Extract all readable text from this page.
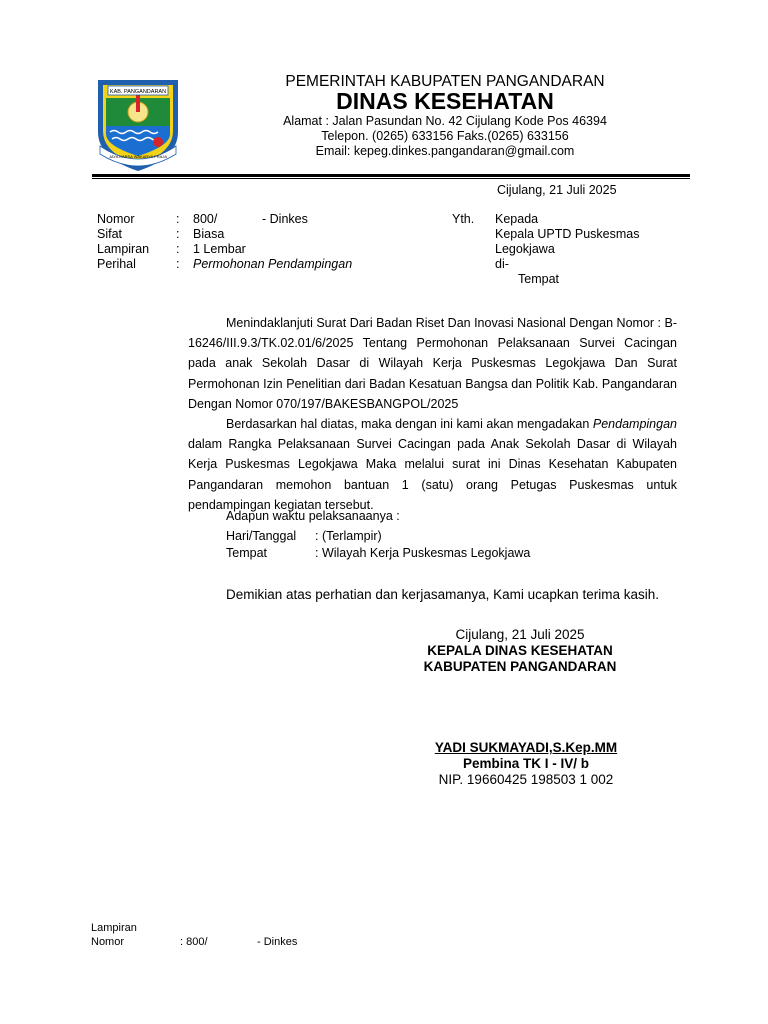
KAB. PANGANDARAN
JAYA KARSA WAKARYA PRAJA
PEMERINTAH KABUPATEN PANGANDARAN
DINAS KESEHATAN
Alamat : Jalan Pasundan No. 42 Cijulang Kode Pos 46394
Telepon. (0265) 633156 Faks.(0265) 633156
Email: kepeg.dinkes.pangandaran@gmail.com
Cijulang, 21 Juli 2025
Nomor	: 800/	- Dinkes
Sifat	: Biasa
Lampiran : 1 Lembar
Perihal	: Permohonan Pendampingan
Yth. Kepada
Kepala UPTD Puskesmas
Legokjawa
di-
Tempat
Menindaklanjuti Surat Dari Badan Riset Dan Inovasi Nasional Dengan Nomor : B-16246/III.9.3/TK.02.01/6/2025 Tentang Permohonan Pelaksanaan Survei Cacingan pada anak Sekolah Dasar di Wilayah Kerja Puskesmas Legokjawa Dan Surat Permohonan Izin Penelitian dari Badan Kesatuan Bangsa dan Politik Kab. Pangandaran Dengan Nomor 070/197/BAKESBANGPOL/2025
Berdasarkan hal diatas, maka dengan ini kami akan mengadakan Pendampingan dalam Rangka Pelaksanaan Survei Cacingan pada Anak Sekolah Dasar di Wilayah Kerja Puskesmas Legokjawa Maka melalui surat ini Dinas Kesehatan Kabupaten Pangandaran memohon bantuan 1 (satu) orang Petugas Puskesmas untuk pendampingan kegiatan tersebut.
Adapun waktu pelaksanaanya :
Hari/Tanggal : (Terlampir)
Tempat	: Wilayah Kerja Puskesmas Legokjawa
Demikian atas perhatian dan kerjasamanya, Kami ucapkan terima kasih.
Cijulang, 21 Juli 2025
KEPALA DINAS KESEHATAN
KABUPATEN PANGANDARAN
YADI SUKMAYADI,S.Kep.MM
Pembina TK I - IV/ b
NIP. 19660425 198503 1 002
Lampiran
Nomor	: 800/	- Dinkes
